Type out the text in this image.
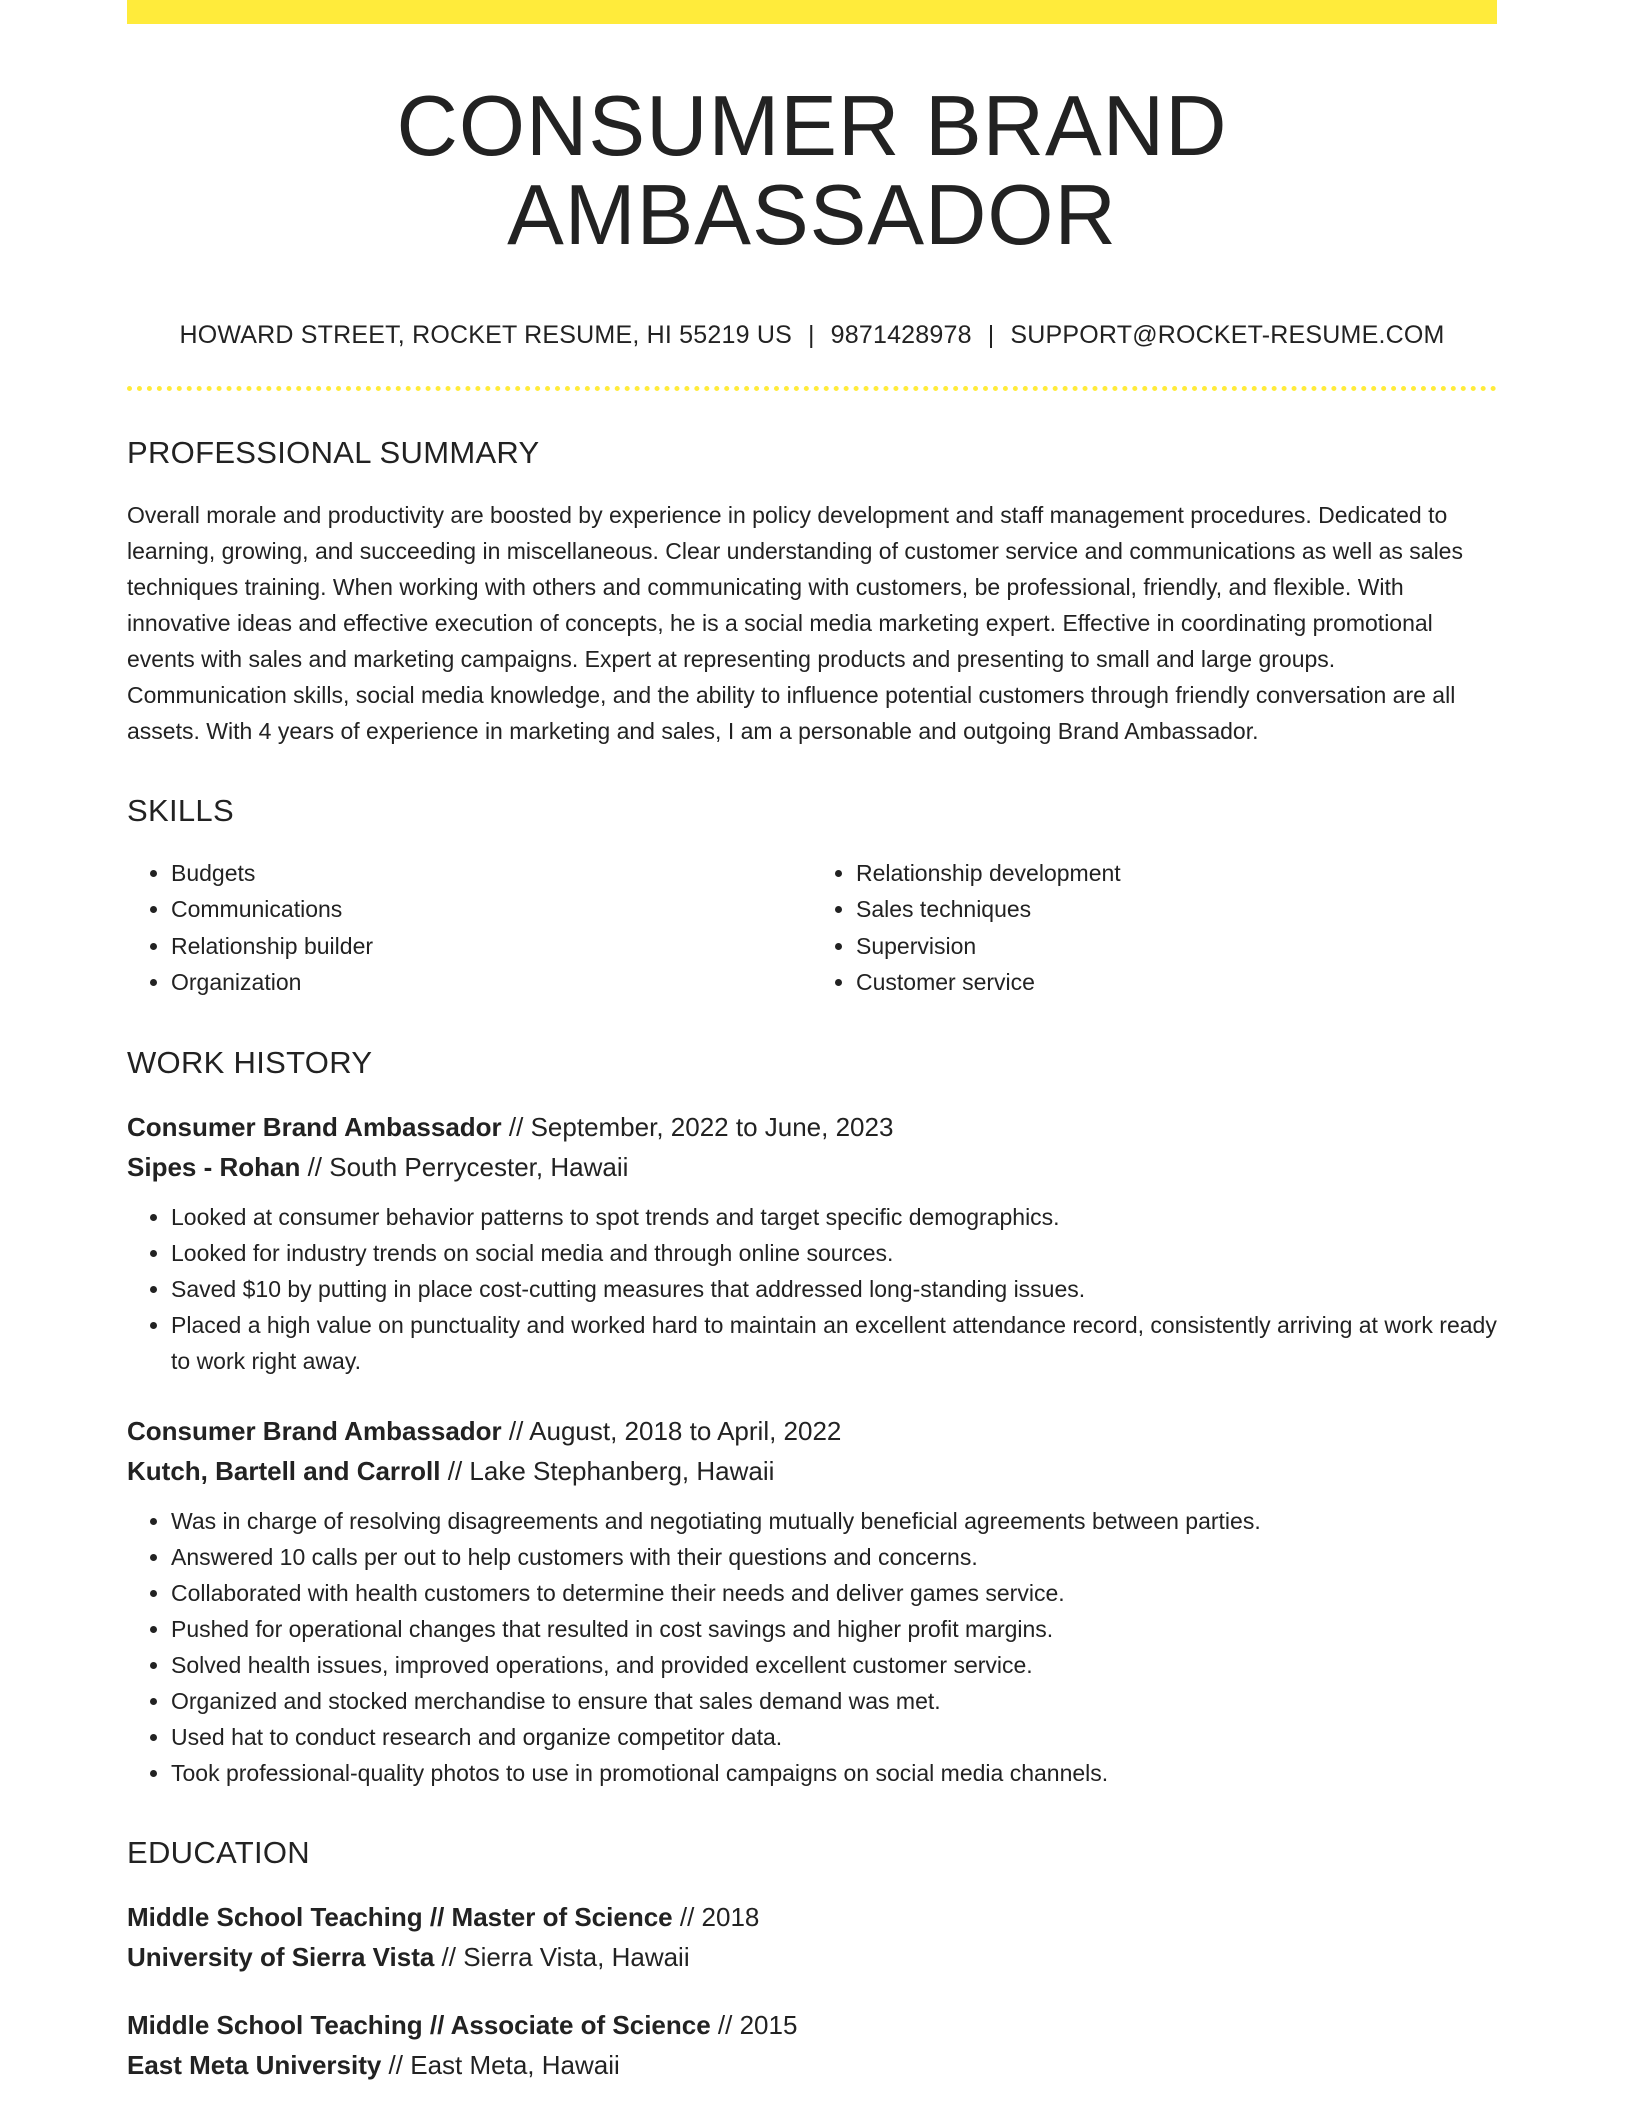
CONSUMER BRAND AMBASSADOR
HOWARD STREET, ROCKET RESUME, HI 55219 US | 9871428978 | SUPPORT@ROCKET-RESUME.COM
PROFESSIONAL SUMMARY

Overall morale and productivity are boosted by experience in policy development and staff management procedures. Dedicated to learning, growing, and succeeding in miscellaneous. Clear understanding of customer service and communications as well as sales techniques training. When working with others and communicating with customers, be professional, friendly, and flexible. With innovative ideas and effective execution of concepts, he is a social media marketing expert. Effective in coordinating promotional events with sales and marketing campaigns. Expert at representing products and presenting to small and large groups. Communication skills, social media knowledge, and the ability to influence potential customers through friendly conversation are all assets. With 4 years of experience in marketing and sales, I am a personable and outgoing Brand Ambassador.

SKILLS
• Budgets
• Communications
• Relationship builder
• Organization
• Relationship development
• Sales techniques
• Supervision
• Customer service
WORK HISTORY
Consumer Brand Ambassador // September, 2022 to June, 2023
Sipes - Rohan // South Perrycester, Hawaii
• Looked at consumer behavior patterns to spot trends and target specific demographics.
• Looked for industry trends on social media and through online sources.
• Saved $10 by putting in place cost-cutting measures that addressed long-standing issues.
• Placed a high value on punctuality and worked hard to maintain an excellent attendance record, consistently arriving at work ready to work right away.
Consumer Brand Ambassador // August, 2018 to April, 2022
Kutch, Bartell and Carroll // Lake Stephanberg, Hawaii
• Was in charge of resolving disagreements and negotiating mutually beneficial agreements between parties.
• Answered 10 calls per out to help customers with their questions and concerns.
• Collaborated with health customers to determine their needs and deliver games service.
• Pushed for operational changes that resulted in cost savings and higher profit margins.
• Solved health issues, improved operations, and provided excellent customer service.
• Organized and stocked merchandise to ensure that sales demand was met.
• Used hat to conduct research and organize competitor data.
• Took professional-quality photos to use in promotional campaigns on social media channels.
EDUCATION
Middle School Teaching // Master of Science // 2018
University of Sierra Vista // Sierra Vista, Hawaii
Middle School Teaching // Associate of Science // 2015
East Meta University // East Meta, Hawaii
